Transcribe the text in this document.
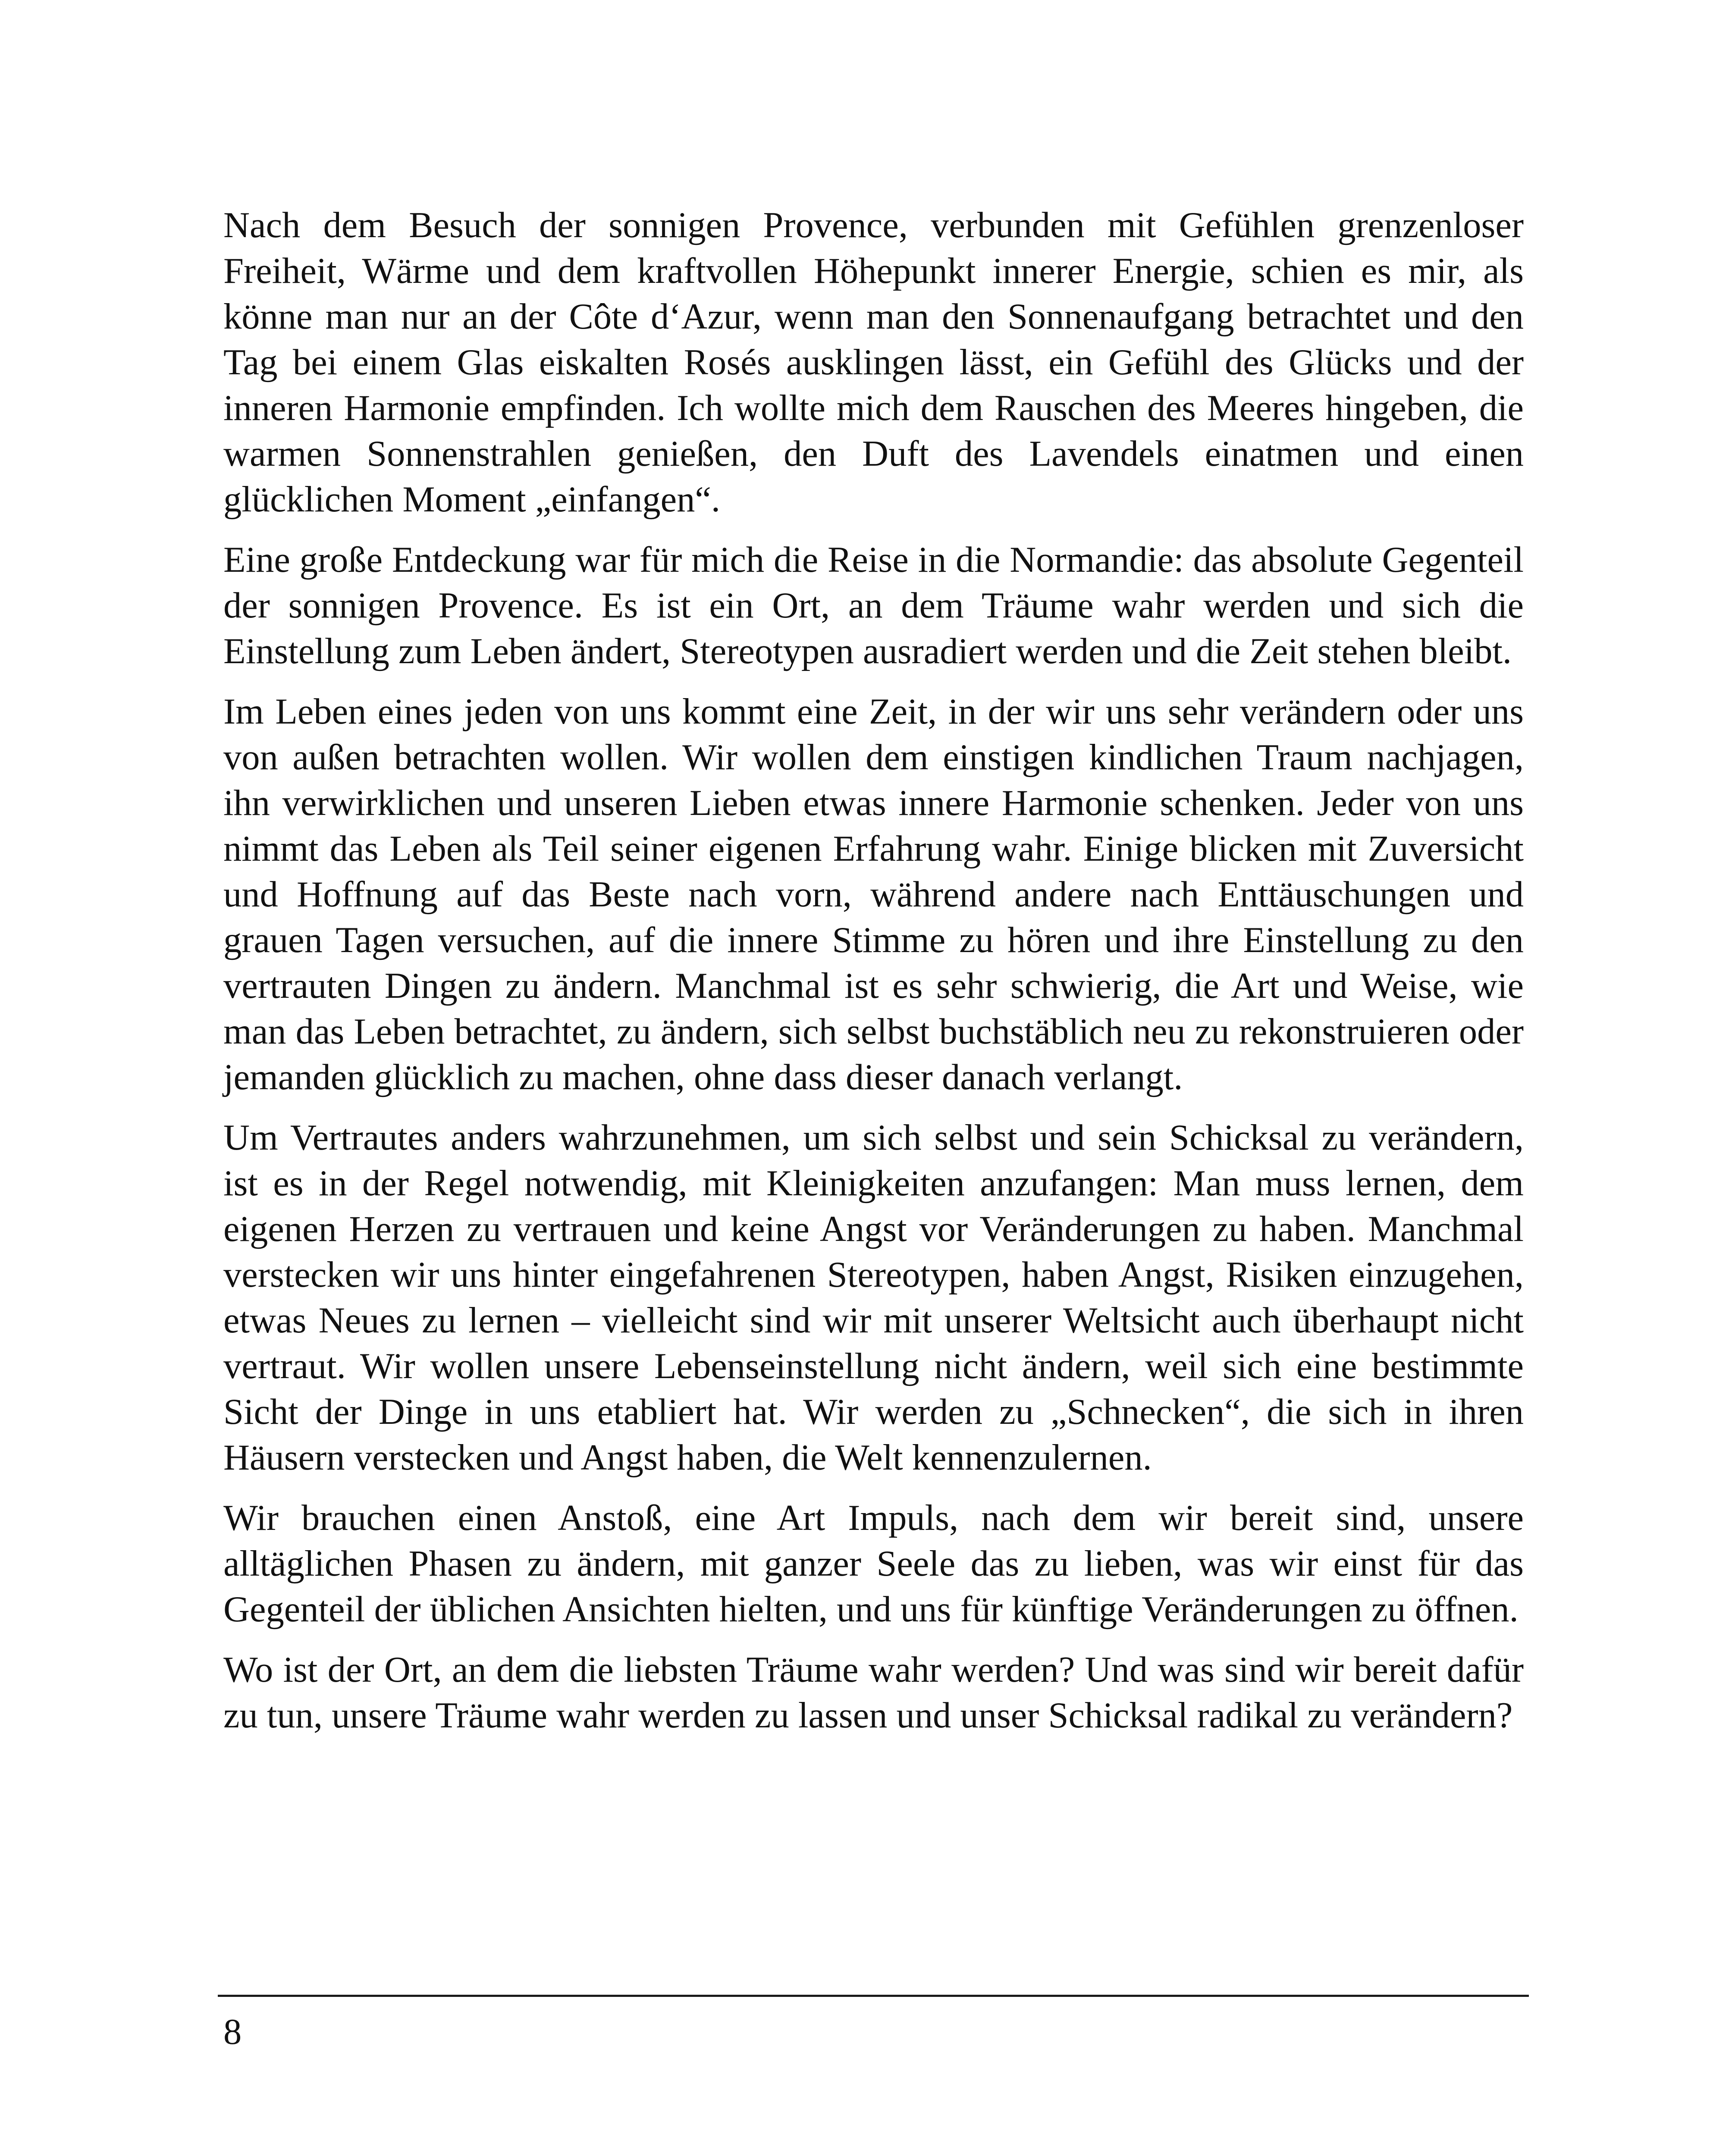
Nach dem Besuch der sonnigen Provence, verbunden mit Gefühlen grenzenloser Freiheit, Wärme und dem kraftvollen Höhepunkt innerer Energie, schien es mir, als könne man nur an der Côte d‘Azur, wenn man den Sonnenaufgang betrachtet und den Tag bei einem Glas eiskalten Rosés ausklingen lässt, ein Gefühl des Glücks und der inneren Harmonie empfinden. Ich wollte mich dem Rauschen des Meeres hingeben, die warmen Sonnenstrahlen genießen, den Duft des Lavendels einatmen und einen glücklichen Moment „einfangen“.

Eine große Entdeckung war für mich die Reise in die Normandie: das absolute Gegenteil der sonnigen Provence. Es ist ein Ort, an dem Träume wahr werden und sich die Einstellung zum Leben ändert, Stereotypen ausradiert werden und die Zeit stehen bleibt.

Im Leben eines jeden von uns kommt eine Zeit, in der wir uns sehr verändern oder uns von außen betrachten wollen. Wir wollen dem einstigen kindlichen Traum nachjagen, ihn verwirklichen und unseren Lieben etwas innere Harmonie schenken. Jeder von uns nimmt das Leben als Teil seiner eigenen Erfahrung wahr. Einige blicken mit Zuversicht und Hoffnung auf das Beste nach vorn, während andere nach Enttäuschungen und grauen Tagen versuchen, auf die innere Stimme zu hören und ihre Einstellung zu den vertrauten Dingen zu ändern. Manchmal ist es sehr schwierig, die Art und Weise, wie man das Leben betrachtet, zu ändern, sich selbst buchstäblich neu zu rekonstruieren oder jemanden glücklich zu machen, ohne dass dieser danach verlangt.

Um Vertrautes anders wahrzunehmen, um sich selbst und sein Schicksal zu verändern, ist es in der Regel notwendig, mit Kleinigkeiten anzufangen: Man muss lernen, dem eigenen Herzen zu vertrauen und keine Angst vor Veränderungen zu haben. Manchmal verstecken wir uns hinter eingefahrenen Stereotypen, haben Angst, Risiken einzugehen, etwas Neues zu lernen – vielleicht sind wir mit unserer Weltsicht auch überhaupt nicht vertraut. Wir wollen unsere Lebenseinstellung nicht ändern, weil sich eine bestimmte Sicht der Dinge in uns etabliert hat. Wir werden zu „Schnecken“, die sich in ihren Häusern verstecken und Angst haben, die Welt kennenzulernen.

Wir brauchen einen Anstoß, eine Art Impuls, nach dem wir bereit sind, unsere alltäglichen Phasen zu ändern, mit ganzer Seele das zu lieben, was wir einst für das Gegenteil der üblichen Ansichten hielten, und uns für künftige Veränderungen zu öffnen.

Wo ist der Ort, an dem die liebsten Träume wahr werden? Und was sind wir bereit dafür zu tun, unsere Träume wahr werden zu lassen und unser Schicksal radikal zu verändern?

8
